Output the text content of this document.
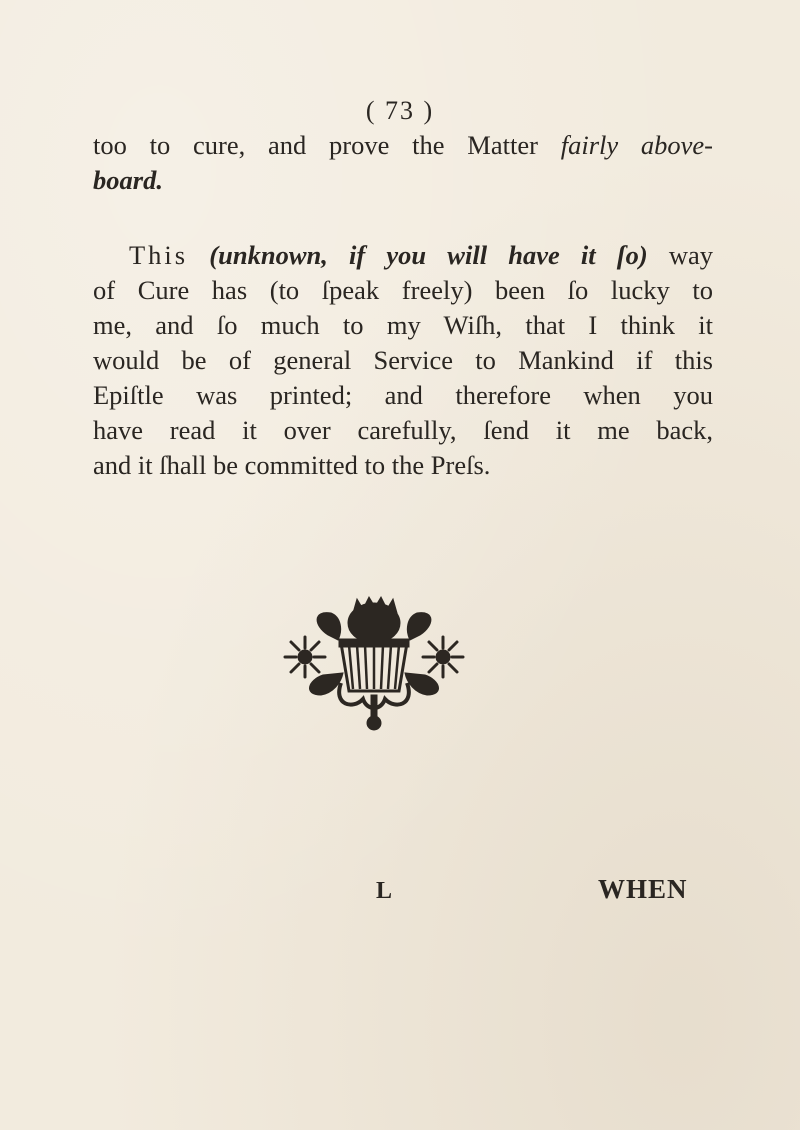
( 73 )
too to cure, and prove the Matter fairly above-
board.
This (unknown, if you will have it ſo) way
of Cure has (to ſpeak freely) been ſo lucky to
me, and ſo much to my Wiſh, that I think it
would be of general Service to Mankind if this
Epiſtle was printed; and therefore when you
have read it over carefully, ſend it me back,
and it ſhall be committed to the Preſs.
L	WHEN
